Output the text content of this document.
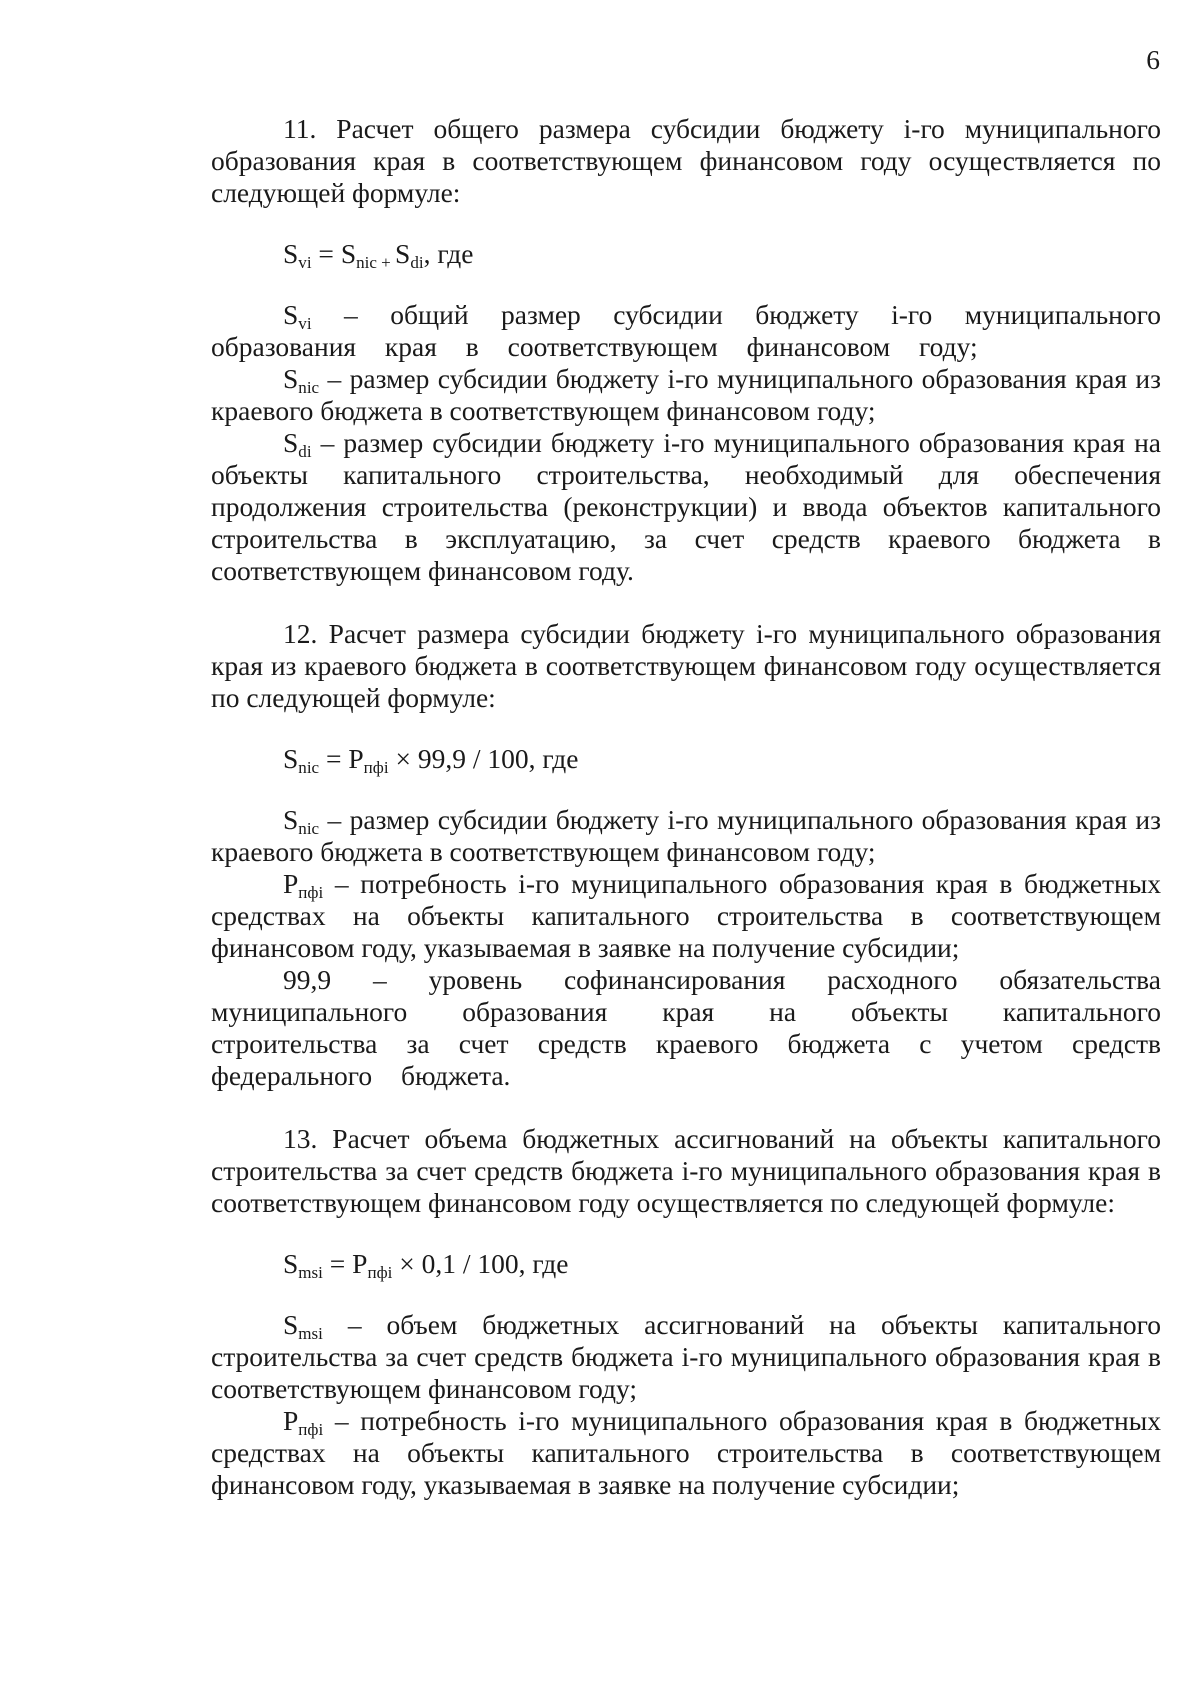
6

11. Расчет общего размера субсидии бюджету i-го муниципального образования края в соответствующем финансовом году осуществляется по следующей формуле:

$S_{vi} = S_{nic}$ $_+$ $S_{di}$, где

$S_{vi}$ – общий размер субсидии бюджету i-го муниципального образования края в соответствующем финансовом году;

$S_{nic}$ – размер субсидии бюджету i-го муниципального образования края из краевого бюджета в соответствующем финансовом году;

$S_{di}$ – размер субсидии бюджету i-го муниципального образования края на объекты капитального строительства, необходимый для обеспечения продолжения строительства (реконструкции) и ввода объектов капитального строительства в эксплуатацию, за счет средств краевого бюджета в соответствующем финансовом году.

12. Расчет размера субсидии бюджету i-го муниципального образования края из краевого бюджета в соответствующем финансовом году осуществляется по следующей формуле:

$S_{nic} = P_{пфi} \times 99,9 / 100$, где

$S_{nic}$ – размер субсидии бюджету i-го муниципального образования края из краевого бюджета в соответствующем финансовом году;

$P_{пфi}$ – потребность i-го муниципального образования края в бюджетных средствах на объекты капитального строительства в соответствующем финансовом году, указываемая в заявке на получение субсидии;

99,9 – уровень софинансирования расходного обязательства муниципального образования края на объекты капитального строительства за счет средств краевого бюджета с учетом средств федерального бюджета.

13. Расчет объема бюджетных ассигнований на объекты капитального строительства за счет средств бюджета i-го муниципального образования края в соответствующем финансовом году осуществляется по следующей формуле:

$S_{msi} = P_{пфi} \times 0,1 / 100$, где

$S_{msi}$ – объем бюджетных ассигнований на объекты капитального строительства за счет средств бюджета i-го муниципального образования края в соответствующем финансовом году;

$P_{пфi}$ – потребность i-го муниципального образования края в бюджетных средствах на объекты капитального строительства в соответствующем финансовом году, указываемая в заявке на получение субсидии;
